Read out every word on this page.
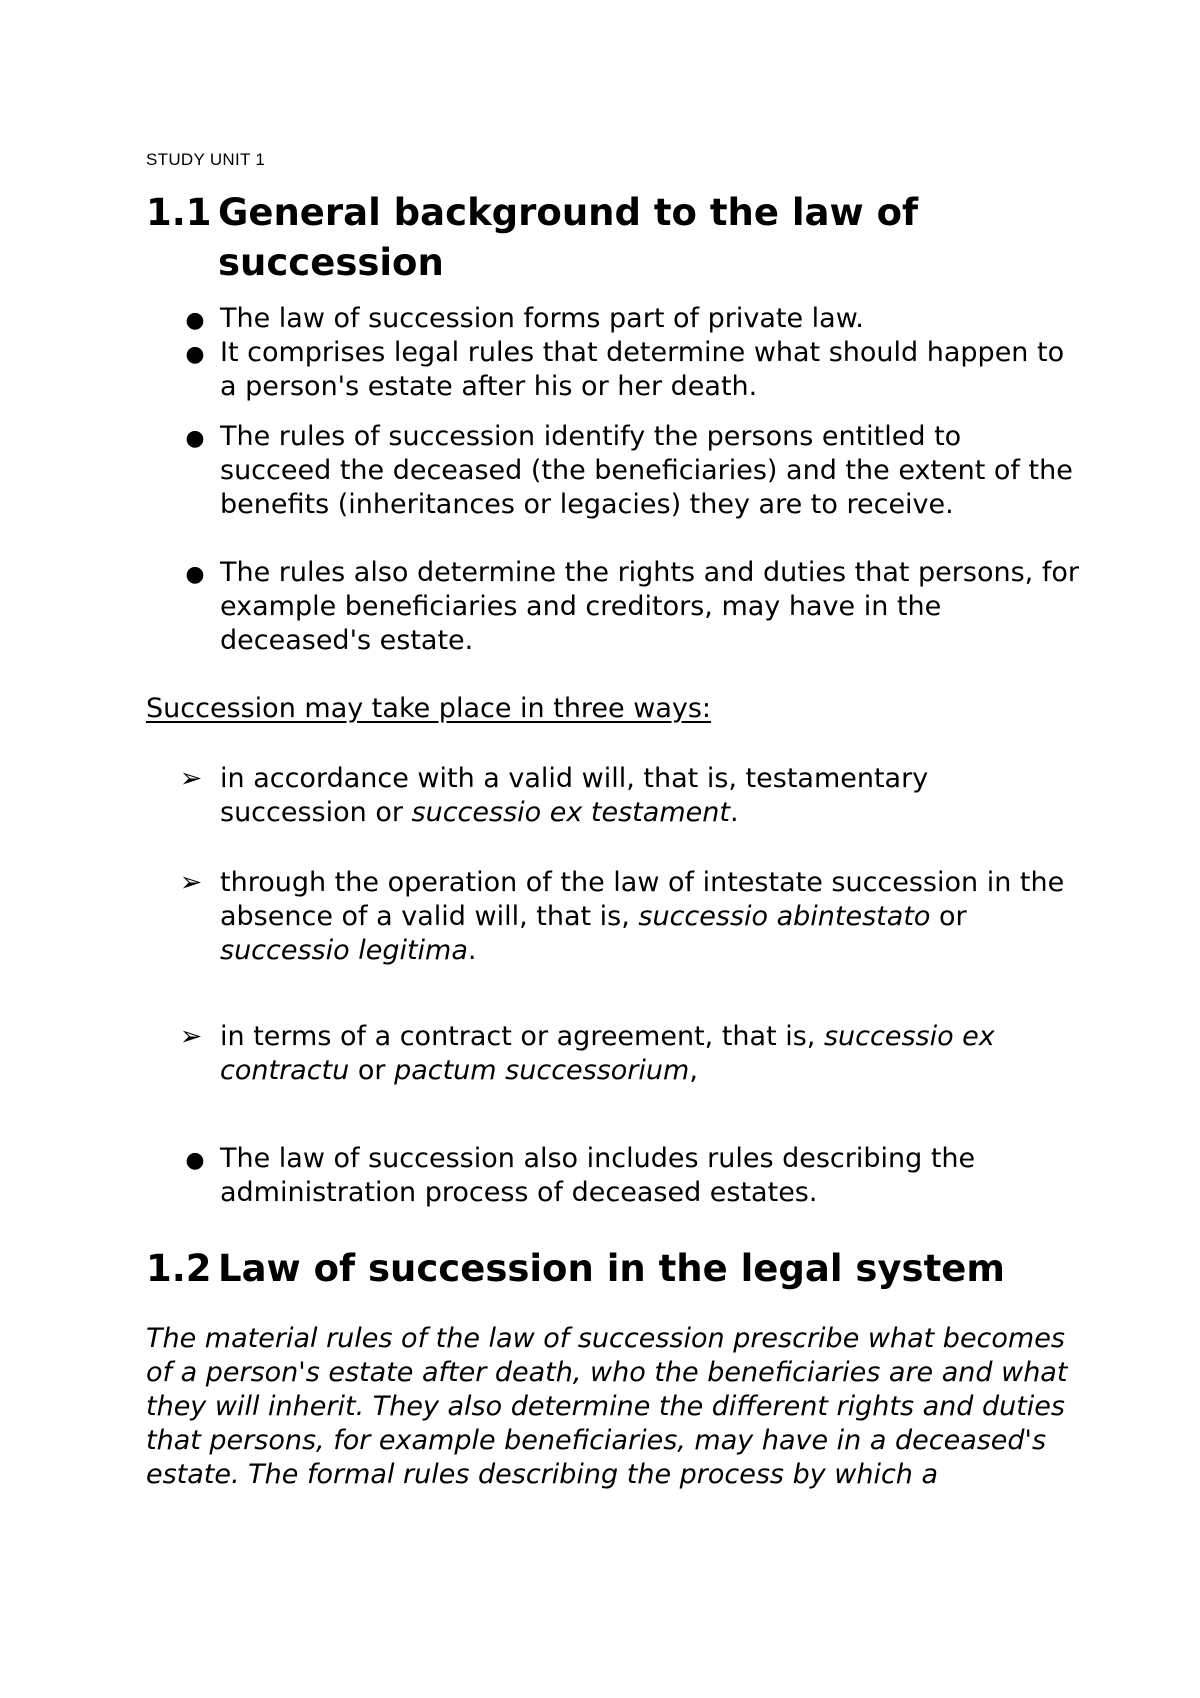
STUDY UNIT 1
1.1 General background to the law of succession
● The law of succession forms part of private law.
● It comprises legal rules that determine what should happen to a person's estate after his or her death.
● The rules of succession identify the persons entitled to succeed the deceased (the beneficiaries) and the extent of the benefits (inheritances or legacies) they are to receive.
● The rules also determine the rights and duties that persons, for example beneficiaries and creditors, may have in the deceased's estate.
Succession may take place in three ways:
➢ in accordance with a valid will, that is, testamentary succession or successio ex testament.
➢ through the operation of the law of intestate succession in the absence of a valid will, that is, successio abintestato or successio legitima.
➢ in terms of a contract or agreement, that is, successio ex contractu or pactum successorium,
● The law of succession also includes rules describing the administration process of deceased estates.
1.2 Law of succession in the legal system
The material rules of the law of succession prescribe what becomes of a person's estate after death, who the beneficiaries are and what they will inherit. They also determine the different rights and duties that persons, for example beneficiaries, may have in a deceased's estate. The formal rules describing the process by which a
